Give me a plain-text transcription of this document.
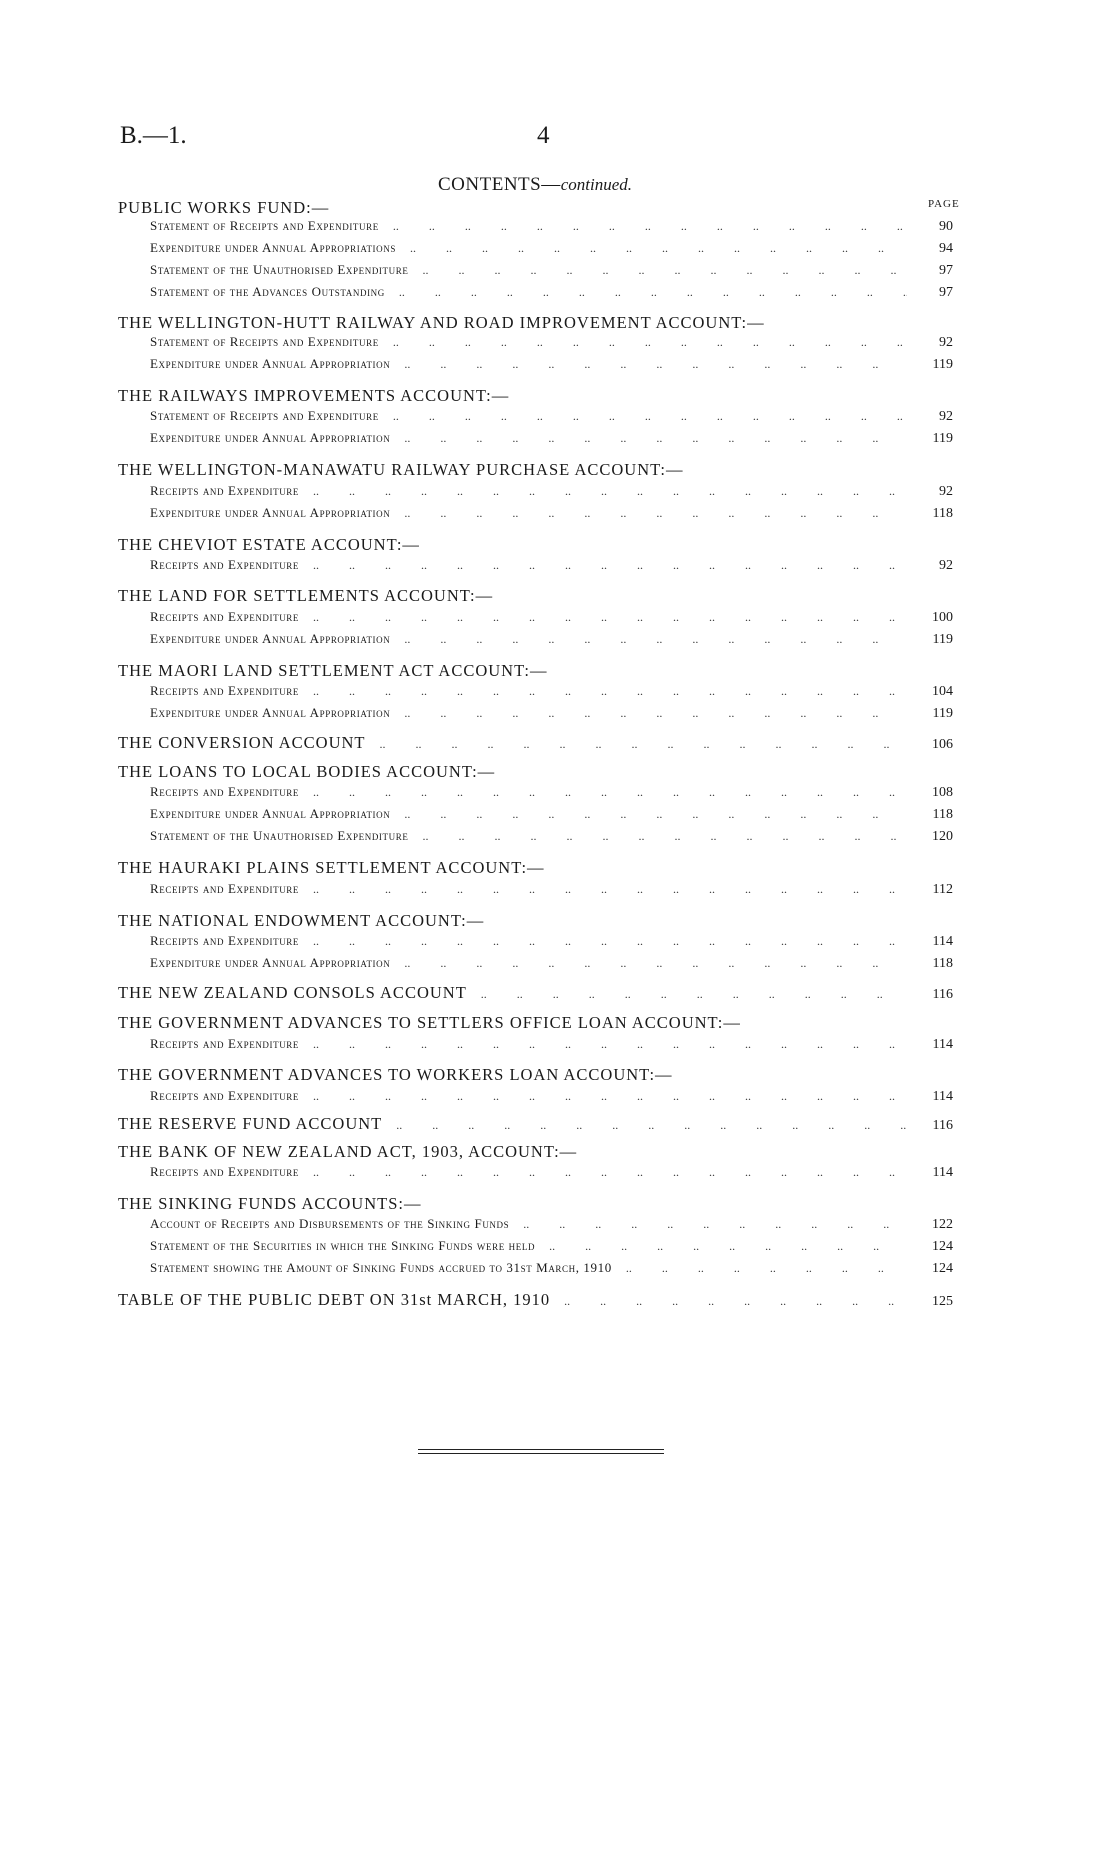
B.—1.	4
CONTENTS—continued.
PAGE
PUBLIC WORKS FUND:—
Statement of Receipts and Expenditure ..	90
Expenditure under Annual Appropriations ..	94
Statement of the Unauthorised Expenditure ..	97
Statement of the Advances Outstanding ..	97
THE WELLINGTON-HUTT RAILWAY AND ROAD IMPROVEMENT ACCOUNT:—
Statement of Receipts and Expenditure ..	92
Expenditure under Annual Appropriation ..	119
THE RAILWAYS IMPROVEMENTS ACCOUNT:—
Statement of Receipts and Expenditure ..	92
Expenditure under Annual Appropriation ..	119
THE WELLINGTON-MANAWATU RAILWAY PURCHASE ACCOUNT:—
Receipts and Expenditure ..	92
Expenditure under Annual Appropriation ..	118
THE CHEVIOT ESTATE ACCOUNT:—
Receipts and Expenditure ..	92
THE LAND FOR SETTLEMENTS ACCOUNT:—
Receipts and Expenditure ..	100
Expenditure under Annual Appropriation ..	119
THE MAORI LAND SETTLEMENT ACT ACCOUNT:—
Receipts and Expenditure ..	104
Expenditure under Annual Appropriation ..	119
THE CONVERSION ACCOUNT ..	106
THE LOANS TO LOCAL BODIES ACCOUNT:—
Receipts and Expenditure ..	108
Expenditure under Annual Appropriation ..	118
Statement of the Unauthorised Expenditure ..	120
THE HAURAKI PLAINS SETTLEMENT ACCOUNT:—
Receipts and Expenditure ..	112
THE NATIONAL ENDOWMENT ACCOUNT:—
Receipts and Expenditure ..	114
Expenditure under Annual Appropriation ..	118
THE NEW ZEALAND CONSOLS ACCOUNT ..	116
THE GOVERNMENT ADVANCES TO SETTLERS OFFICE LOAN ACCOUNT:—
Receipts and Expenditure ..	114
THE GOVERNMENT ADVANCES TO WORKERS LOAN ACCOUNT:—
Receipts and Expenditure ..	114
THE RESERVE FUND ACCOUNT ..	116
THE BANK OF NEW ZEALAND ACT, 1903, ACCOUNT:—
Receipts and Expenditure ..	114
THE SINKING FUNDS ACCOUNTS:—
Account of Receipts and Disbursements of the Sinking Funds ..	122
Statement of the Securities in which the Sinking Funds were held ..	124
Statement showing the Amount of Sinking Funds accrued to 31st March, 1910 ..	124
TABLE OF THE PUBLIC DEBT ON 31st MARCH, 1910 ..	125
